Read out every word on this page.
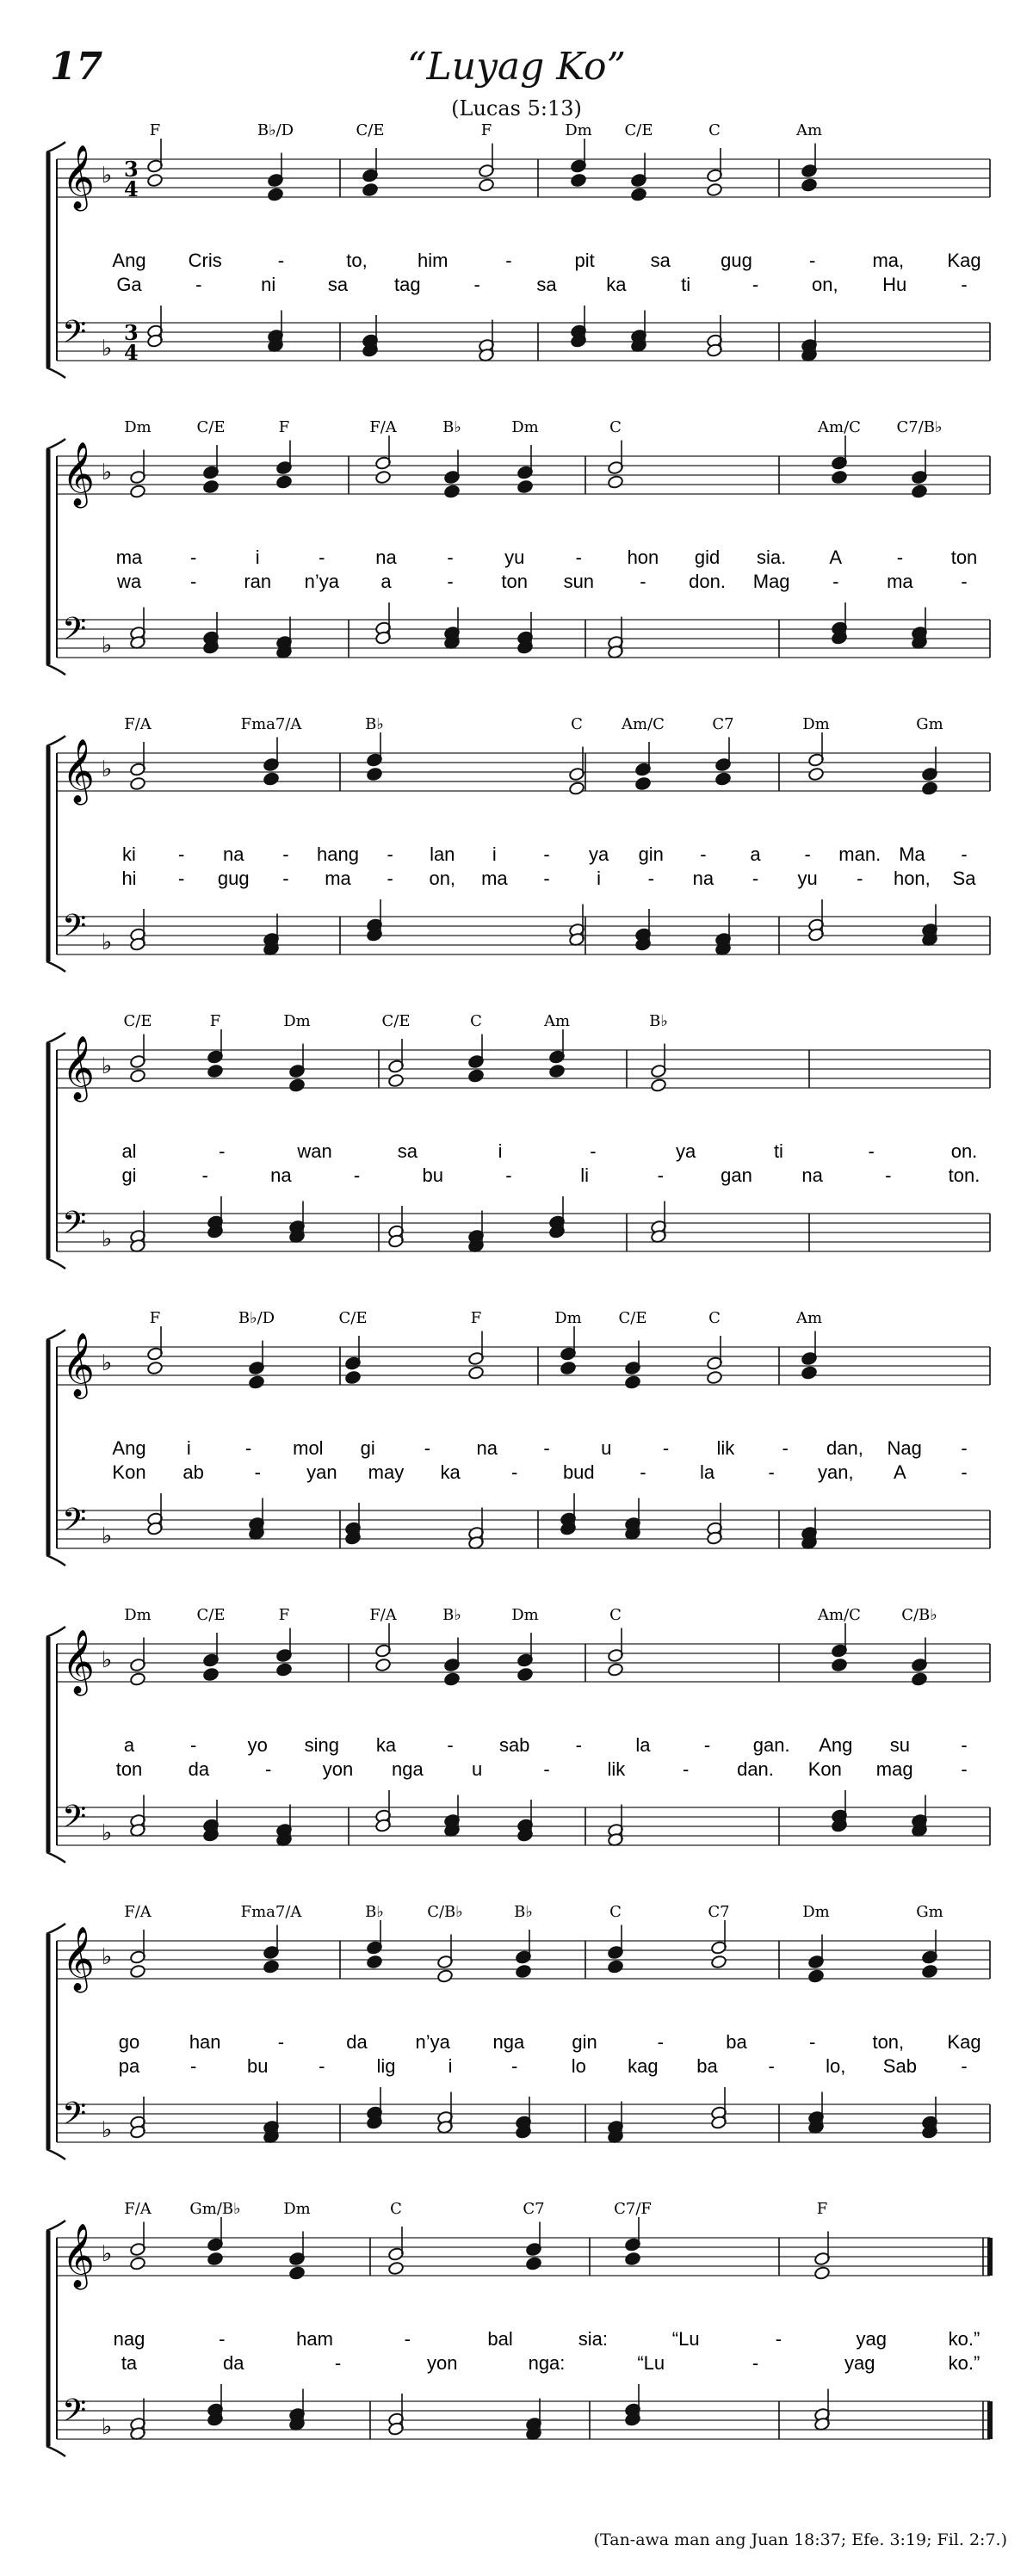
17	“Luyag Ko”
(Lucas 5:13)
F	B♭/D	C/E	F	Dm C/E	C	Am
𝄞
𝄢
♭
♭
3
4
3
4
Ang Cris	-	to,	him	-	pit	sa	gug	-	ma, Kag
Ga	-	ni	sa tag	-	sa	ka	ti	-	on, Hu	-
Dm	C/E	F	F/A	B♭	Dm	C	Am/C C7/B♭
𝄞
𝄢
♭
♭
ma	-	i	-	na	-	yu	- hon gid sia. A	-	ton
wa	-	ran n’ya a	-	ton sun - don. Mag -	ma	-
F/A	Fma7/A	B♭	C	Am/C	C7	Dm	Gm
𝄞
𝄢
♭
♭
ki - na - hang - lan i - ya gin - a - man. Ma -
hi - gug - ma - on, ma - i - na - yu - hon, Sa
C/E	F	Dm	C/E	C	Am	B♭
𝄞
𝄢
♭
♭
al	-	wan	sa	i	-	ya	ti	-	on.
gi	-	na	-	bu	-	li	-	gan	na	-	ton.
F	B♭/D	C/E	F	Dm C/E	C	Am
𝄞
𝄢
♭
♭
Ang i	- mol gi	- na -	u	-	lik	- dan, Nag -
Kon ab	- yan may ka	- bud -	la	- yan, A	-
Dm	C/E	F	F/A	B♭	Dm	C	Am/C	C/B♭
𝄞
𝄢
♭
♭
a	-	yo sing ka	- sab -	la	- gan. Ang su	-
ton da	-	yon nga	u	-	lik	-	dan. Kon mag	-
F/A	Fma7/A	B♭	C/B♭	B♭	C	C7	Dm	Gm
𝄞
𝄢
♭
♭
go	han	-	da	n’ya nga	gin	-	ba	-	ton, Kag
pa	-	bu	-	lig	i	-	lo kag ba	-	lo, Sab -
F/A Gm/B♭	Dm	C	C7	C7/F	F
𝄞
𝄢
♭
♭
nag	-	ham	-	bal	sia:	“Lu	-	yag	ko.”
ta	da	-	yon	nga:	“Lu	-	yag	ko.”
(Tan-awa man ang Juan 18:37; Efe. 3:19; Fil. 2:7.)
